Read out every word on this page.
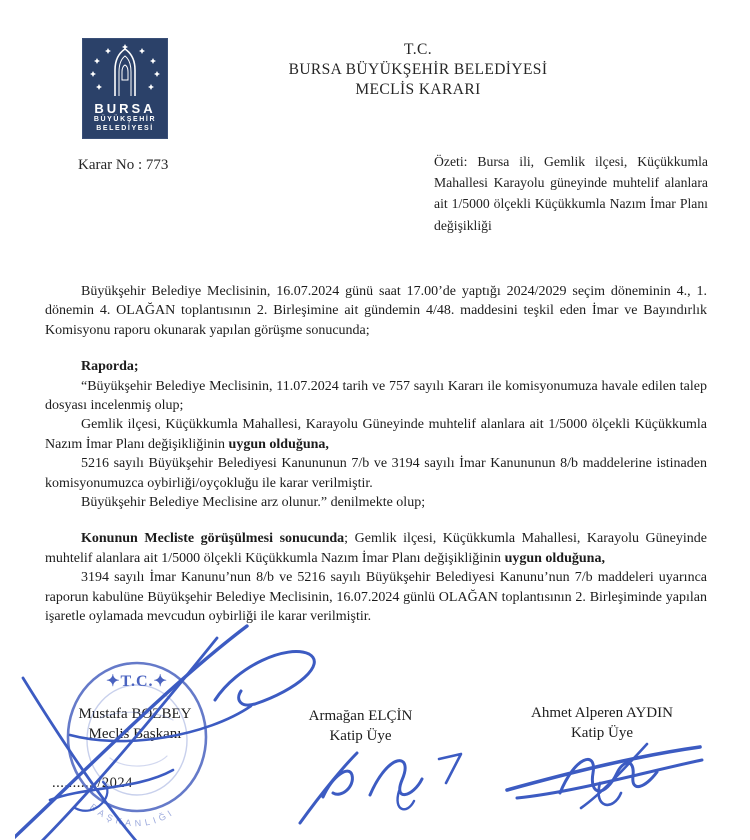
BURSA
BÜYÜKŞEHİR
BELEDİYESİ
T.C.
BURSA BÜYÜKŞEHİR BELEDİYESİ
MECLİS KARARI
Karar No : 773	Özeti: Bursa ili, Gemlik ilçesi, Küçükkumla Mahallesi Karayolu güneyinde muhtelif alanlara ait 1/5000 ölçekli Küçükkumla Nazım İmar Planı değişikliği

Büyükşehir Belediye Meclisinin, 16.07.2024 günü saat 17.00’de yaptığı 2024/2029 seçim döneminin 4., 1. dönemin 4. OLAĞAN toplantısının 2. Birleşimine ait gündemin 4/48. maddesini teşkil eden İmar ve Bayındırlık Komisyonu raporu okunarak yapılan görüşme sonucunda;

Raporda;

“Büyükşehir Belediye Meclisinin, 11.07.2024 tarih ve 757 sayılı Kararı ile komisyonumuza havale edilen talep dosyası incelenmiş olup;

Gemlik ilçesi, Küçükkumla Mahallesi, Karayolu Güneyinde muhtelif alanlara ait 1/5000 ölçekli Küçükkumla Nazım İmar Planı değişikliğinin uygun olduğuna,

5216 sayılı Büyükşehir Belediyesi Kanununun 7/b ve 3194 sayılı İmar Kanununun 8/b maddelerine istinaden komisyonumuzca oybirliği/oyçokluğu ile karar verilmiştir.

Büyükşehir Belediye Meclisine arz olunur.” denilmekte olup;

Konunun Mecliste görüşülmesi sonucunda; Gemlik ilçesi, Küçükkumla Mahallesi, Karayolu Güneyinde muhtelif alanlara ait 1/5000 ölçekli Küçükkumla Nazım İmar Planı değişikliğinin uygun olduğuna,

3194 sayılı İmar Kanunu’nun 8/b ve 5216 sayılı Büyükşehir Belediyesi Kanunu’nun 7/b maddeleri uyarınca raporun kabulüne Büyükşehir Belediye Meclisinin, 16.07.2024 günlü OLAĞAN toplantısının 2. Birleşiminde yapılan işaretle oylamada mevcudun oybirliği ile karar verilmiştir.

Mustafa BOZBEY
Meclis Başkanı
.........../2024
Armağan ELÇİN
Katip Üye
Ahmet Alperen AYDIN
Katip Üye
✦T.C.✦
BAŞKANLIĞI
